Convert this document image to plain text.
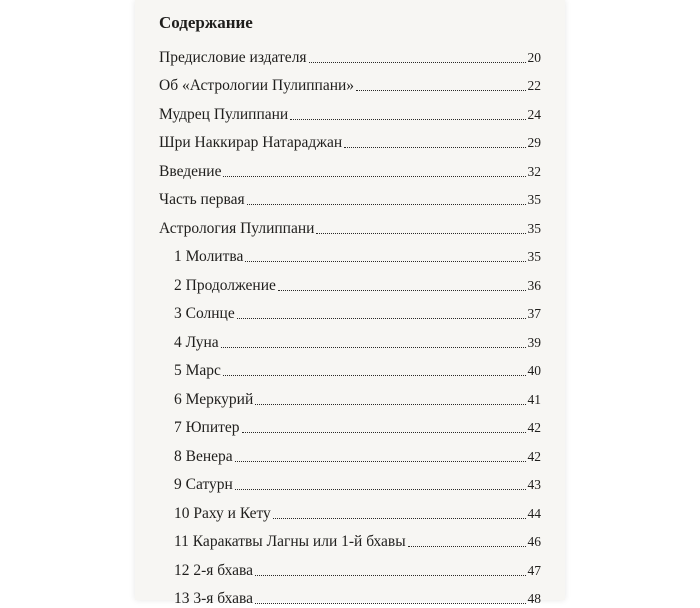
Содержание
Предисловие издателя	20
Об «Астрологии Пулиппани»	22
Мудрец Пулиппани	24
Шри Наккирар Натараджан	29
Введение	32
Часть первая	35
Астрология Пулиппани	35
1 Молитва	35
2 Продолжение	36
3 Солнце	37
4 Луна	39
5 Марс	40
6 Меркурий	41
7 Юпитер	42
8 Венера	42
9 Сатурн	43
10 Раху и Кету	44
11 Каракатвы Лагны или 1-й бхавы	46
12 2-я бхава	47
13 3-я бхава	48
